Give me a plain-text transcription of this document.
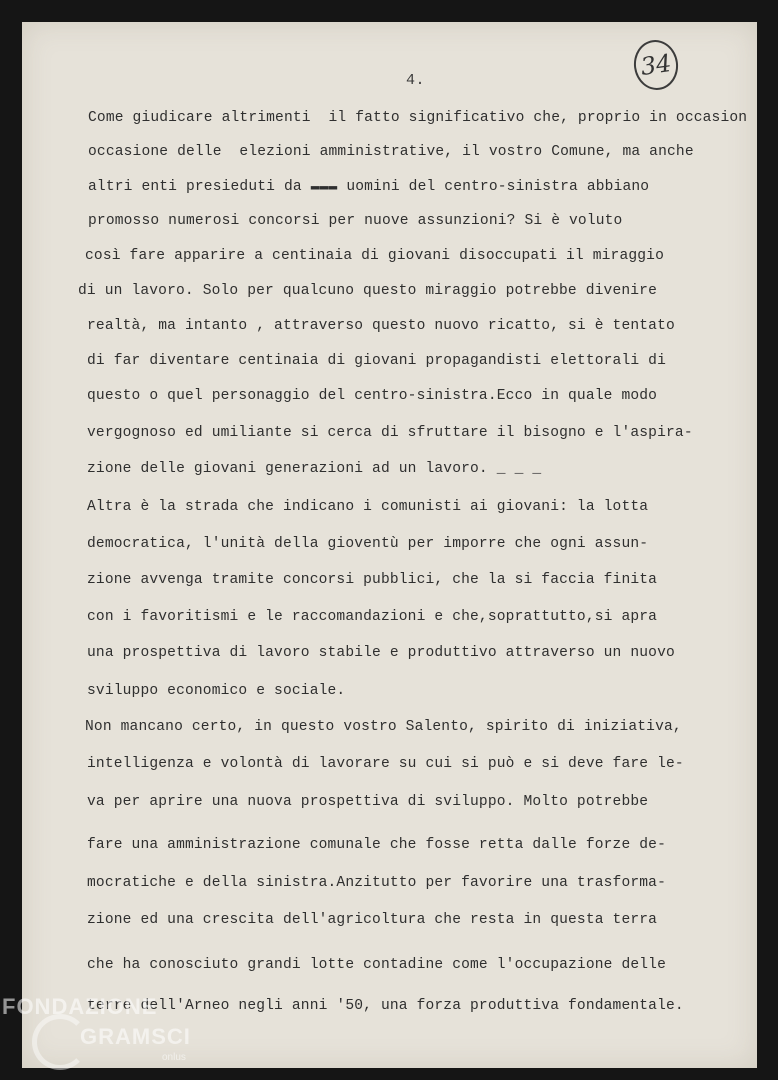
4.	34
Come giudicare altrimenti  il fatto significativo che, proprio in occasion
occasione delle  elezioni amministrative, il vostro Comune, ma anche
altri enti presieduti da ▬▬▬ uomini del centro-sinistra abbiano
promosso numerosi concorsi per nuove assunzioni? Si è voluto
così fare apparire a centinaia di giovani disoccupati il miraggio
di un lavoro. Solo per qualcuno questo miraggio potrebbe divenire
realtà, ma intanto , attraverso questo nuovo ricatto, si è tentato
di far diventare centinaia di giovani propagandisti elettorali di
questo o quel personaggio del centro-sinistra.Ecco in quale modo
vergognoso ed umiliante si cerca di sfruttare il bisogno e l'aspira-
zione delle giovani generazioni ad un lavoro. _ _ _
Altra è la strada che indicano i comunisti ai giovani: la lotta
democratica, l'unità della gioventù per imporre che ogni assun-
zione avvenga tramite concorsi pubblici, che la si faccia finita
con i favoritismi e le raccomandazioni e che,soprattutto,si apra
una prospettiva di lavoro stabile e produttivo attraverso un nuovo
sviluppo economico e sociale.
Non mancano certo, in questo vostro Salento, spirito di iniziativa,
intelligenza e volontà di lavorare su cui si può e si deve fare le-
va per aprire una nuova prospettiva di sviluppo. Molto potrebbe
fare una amministrazione comunale che fosse retta dalle forze de-
mocratiche e della sinistra.Anzitutto per favorire una trasforma-
zione ed una crescita dell'agricoltura che resta in questa terra
che ha conosciuto grandi lotte contadine come l'occupazione delle
terre dell'Arneo negli anni '50, una forza produttiva fondamentale.
FONDAZIONE
GRAMSCI
onlus
